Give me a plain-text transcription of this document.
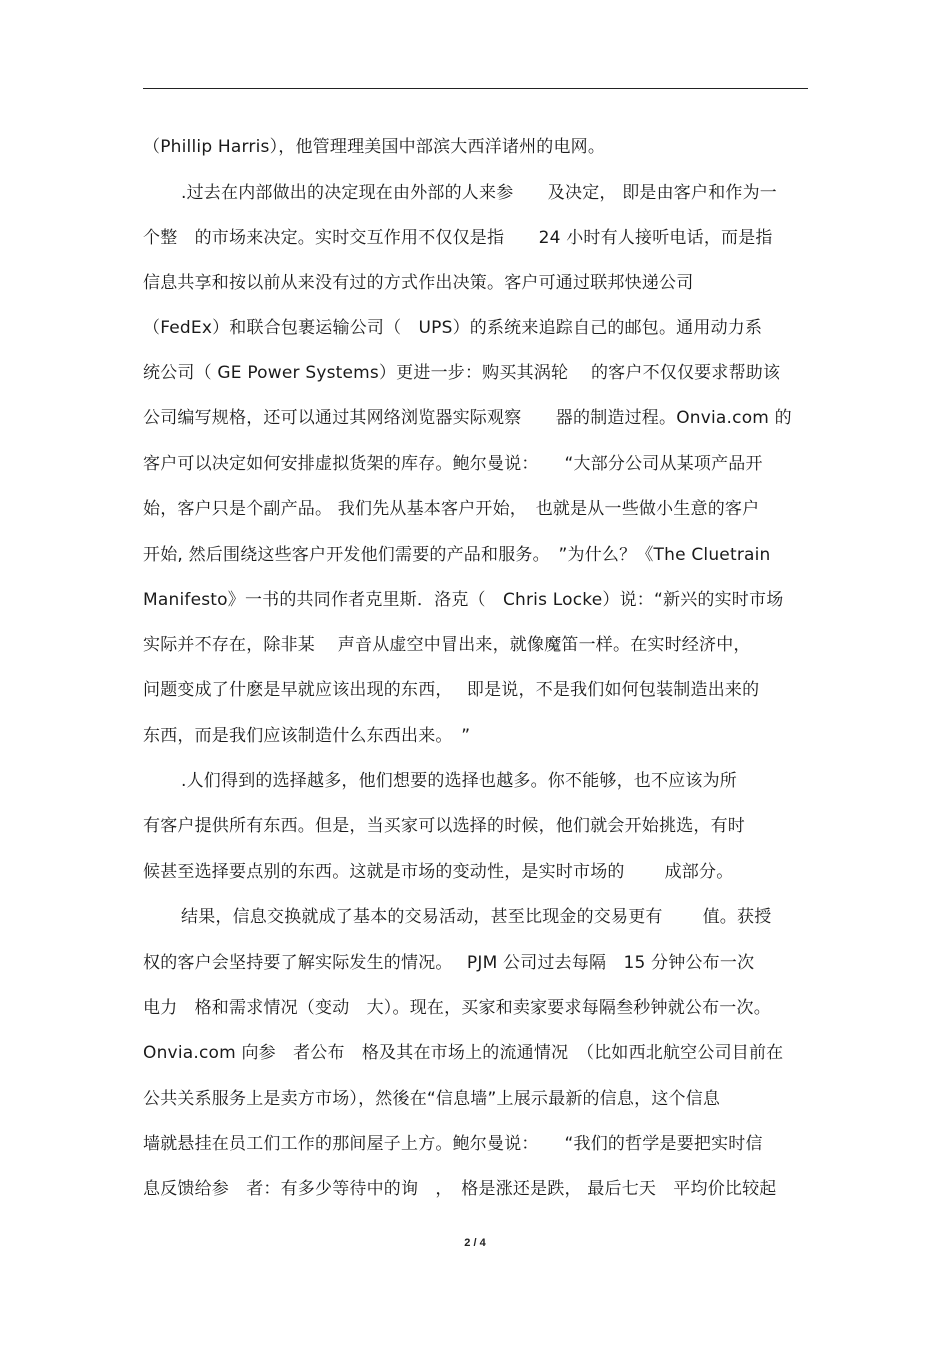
（Phillip Harris），他管理理美国中部滨大西洋诸州的电网。
.过去在内部做出的决定现在由外部的人来参　　及决定， 即是由客户和作为一
个整　的市场来决定。实时交互作用不仅仅是指　　24 小时有人接听电话，而是指
信息共享和按以前从来没有过的方式作出决策。客户可通过联邦快递公司
（FedEx）和联合包裹运输公司（　UPS）的系统来追踪自己的邮包。通用动力系
统公司（ GE Power Systems）更进一步：购买其涡轮　 的客户不仅仅要求帮助该
公司编写规格，还可以通过其网络浏览器实际观察　　器的制造过程。Onvia.com 的
客户可以决定如何安排虚拟货架的库存。鲍尔曼说：　　“大部分公司从某项产品开
始，客户只是个副产品。 我们先从基本客户开始，　也就是从一些做小生意的客户
开始, 然后围绕这些客户开发他们需要的产品和服务。　”为什么？《The Cluetrain
Manifesto》一书的共同作者克里斯．洛克（　Chris Locke）说：“新兴的实时市场
实际并不存在，除非某　 声音从虚空中冒出来，就像魔笛一样。在实时经济中，
问题变成了什麽是早就应该出现的东西，　 即是说，不是我们如何包装制造出来的
东西，而是我们应该制造什么东西出来。　”
.人们得到的选择越多，他们想要的选择也越多。你不能够，也不应该为所
有客户提供所有东西。但是，当买家可以选择的时候，他们就会开始挑选，有时
候甚至选择要点别的东西。这就是市场的变动性，是实时市场的　　 成部分。
结果，信息交换就成了基本的交易活动，甚至比现金的交易更有　　 值。获授
权的客户会坚持要了解实际发生的情况。　 PJM 公司过去每隔　15 分钟公布一次
电力　格和需求情况（变动　大）。现在，买家和卖家要求每隔叁秒钟就公布一次。
Onvia.com 向参　者公布　格及其在市场上的流通情况　（比如西北航空公司目前在
公共关系服务上是卖方市场），然後在“信息墙”上展示最新的信息，这个信息
墙就悬挂在员工们工作的那间屋子上方。鲍尔曼说：　　“我们的哲学是要把实时信
息反馈给参　者：有多少等待中的询　，　格是涨还是跌， 最后七天　平均价比较起
2 / 4
